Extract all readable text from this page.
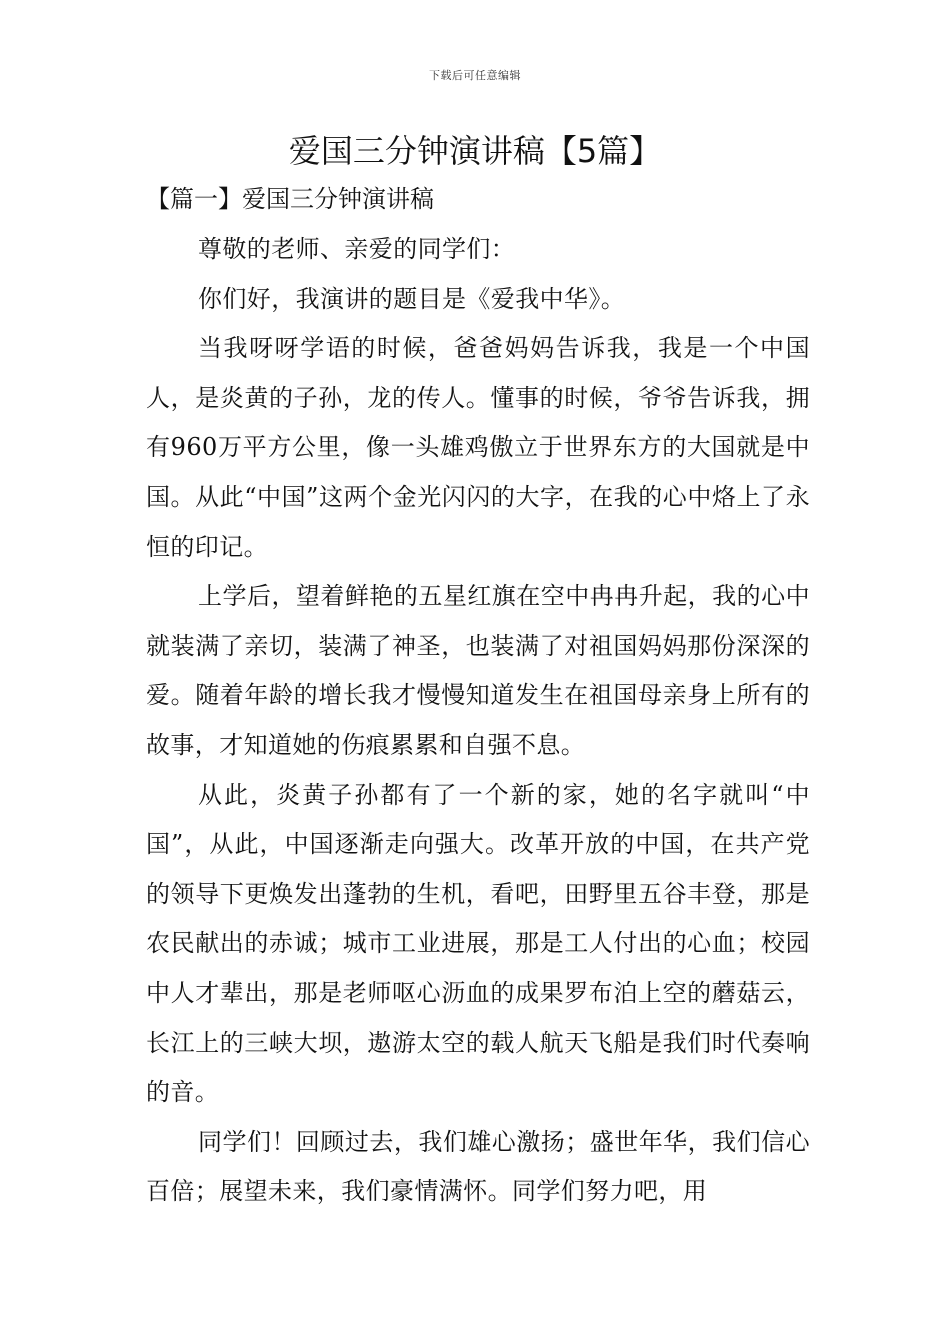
下载后可任意编辑
爱国三分钟演讲稿【5篇】
【篇一】爱国三分钟演讲稿

尊敬的老师、亲爱的同学们：

你们好，我演讲的题目是《爱我中华》。

当我呀呀学语的时候，爸爸妈妈告诉我，我是一个中国人，是炎黄的子孙，龙的传人。懂事的时候，爷爷告诉我，拥有960万平方公里，像一头雄鸡傲立于世界东方的大国就是中国。从此“中国”这两个金光闪闪的大字，在我的心中烙上了永恒的印记。

上学后，望着鲜艳的五星红旗在空中冉冉升起，我的心中就装满了亲切，装满了神圣，也装满了对祖国妈妈那份深深的爱。随着年龄的增长我才慢慢知道发生在祖国母亲身上所有的故事，才知道她的伤痕累累和自强不息。

从此，炎黄子孙都有了一个新的家，她的名字就叫“中国”，从此，中国逐渐走向强大。改革开放的中国，在共产党的领导下更焕发出蓬勃的生机，看吧，田野里五谷丰登，那是农民献出的赤诚；城市工业进展，那是工人付出的心血；校园中人才辈出，那是老师呕心沥血的成果罗布泊上空的蘑菇云，长江上的三峡大坝，遨游太空的载人航天飞船是我们时代奏响的音。

同学们！回顾过去，我们雄心激扬；盛世年华，我们信心百倍；展望未来，我们豪情满怀。同学们努力吧，用
